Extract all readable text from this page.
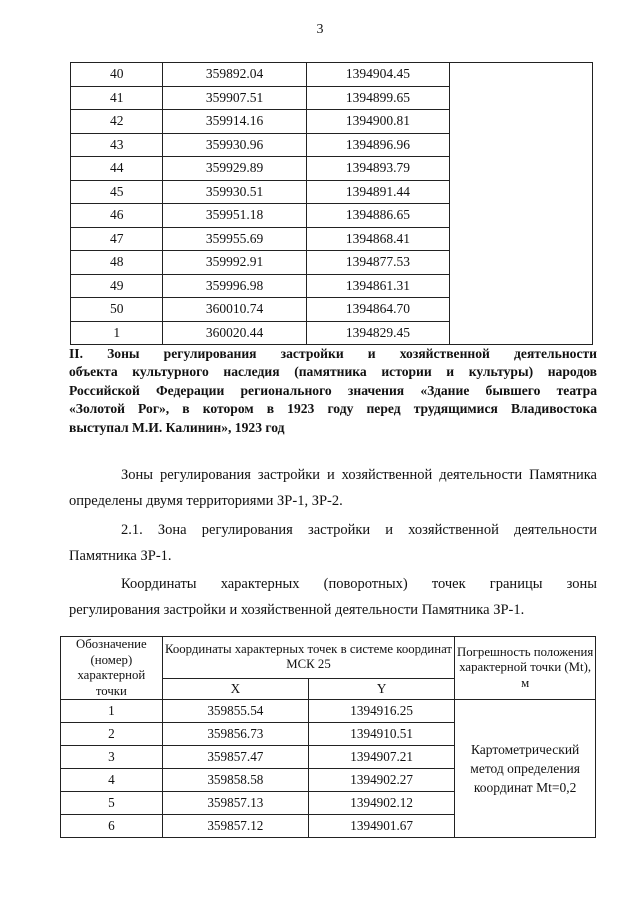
3
40	359892.04	1394904.45	
41	359907.51	1394899.65	
42	359914.16	1394900.81	
43	359930.96	1394896.96	
44	359929.89	1394893.79	
45	359930.51	1394891.44	
46	359951.18	1394886.65	
47	359955.69	1394868.41	
48	359992.91	1394877.53	
49	359996.98	1394861.31	
50	360010.74	1394864.70	
1	360020.44	1394829.45	
II. Зоны регулирования застройки и хозяйственной деятельности
объекта культурного наследия (памятника истории и культуры) народов
Российской Федерации регионального значения «Здание бывшего театра
«Золотой Рог», в котором в 1923 году перед трудящимися Владивостока
выступал М.И. Калинин», 1923 год
Зоны регулирования застройки и хозяйственной деятельности Памятника
определены двумя территориями ЗР-1, ЗР-2.
2.1. Зона регулирования застройки и хозяйственной деятельности
Памятника ЗР-1.
Координаты характерных (поворотных) точек границы зоны
регулирования застройки и хозяйственной деятельности Памятника ЗР-1.
Обозначение (номер) характерной точки	Координаты характерных точек в системе координат МСК 25		Погрешность положения характерной точки (Mt), м
	X	Y	
1	359855.54	1394916.25	Картометрический метод определения координат Mt=0,2
2	359856.73	1394910.51	
3	359857.47	1394907.21	
4	359858.58	1394902.27	
5	359857.13	1394902.12	
6	359857.12	1394901.67	
